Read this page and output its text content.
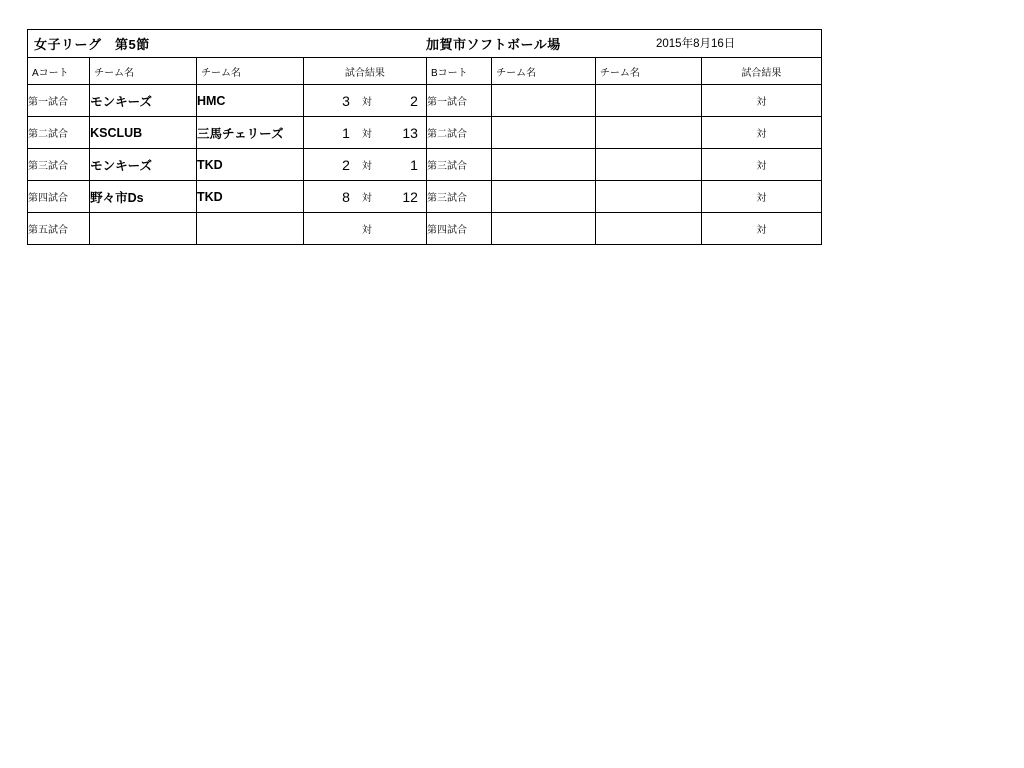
女子リーグ　第5節 加賀市ソフトボール場 2015年8月16日							

Aコート	チーム名	チーム名	試合結果	Bコート	チーム名	チーム名	試合結果
第一試合	モンキーズ	HMC	3 対 2	第一試合			対
第二試合	KSCLUB	三馬チェリーズ	1 対 13	第二試合			対
第三試合	モンキーズ	TKD	2 対 1	第三試合			対
第四試合	野々市Ds	TKD	8 対 12	第三試合			対
第五試合			対	第四試合			対
